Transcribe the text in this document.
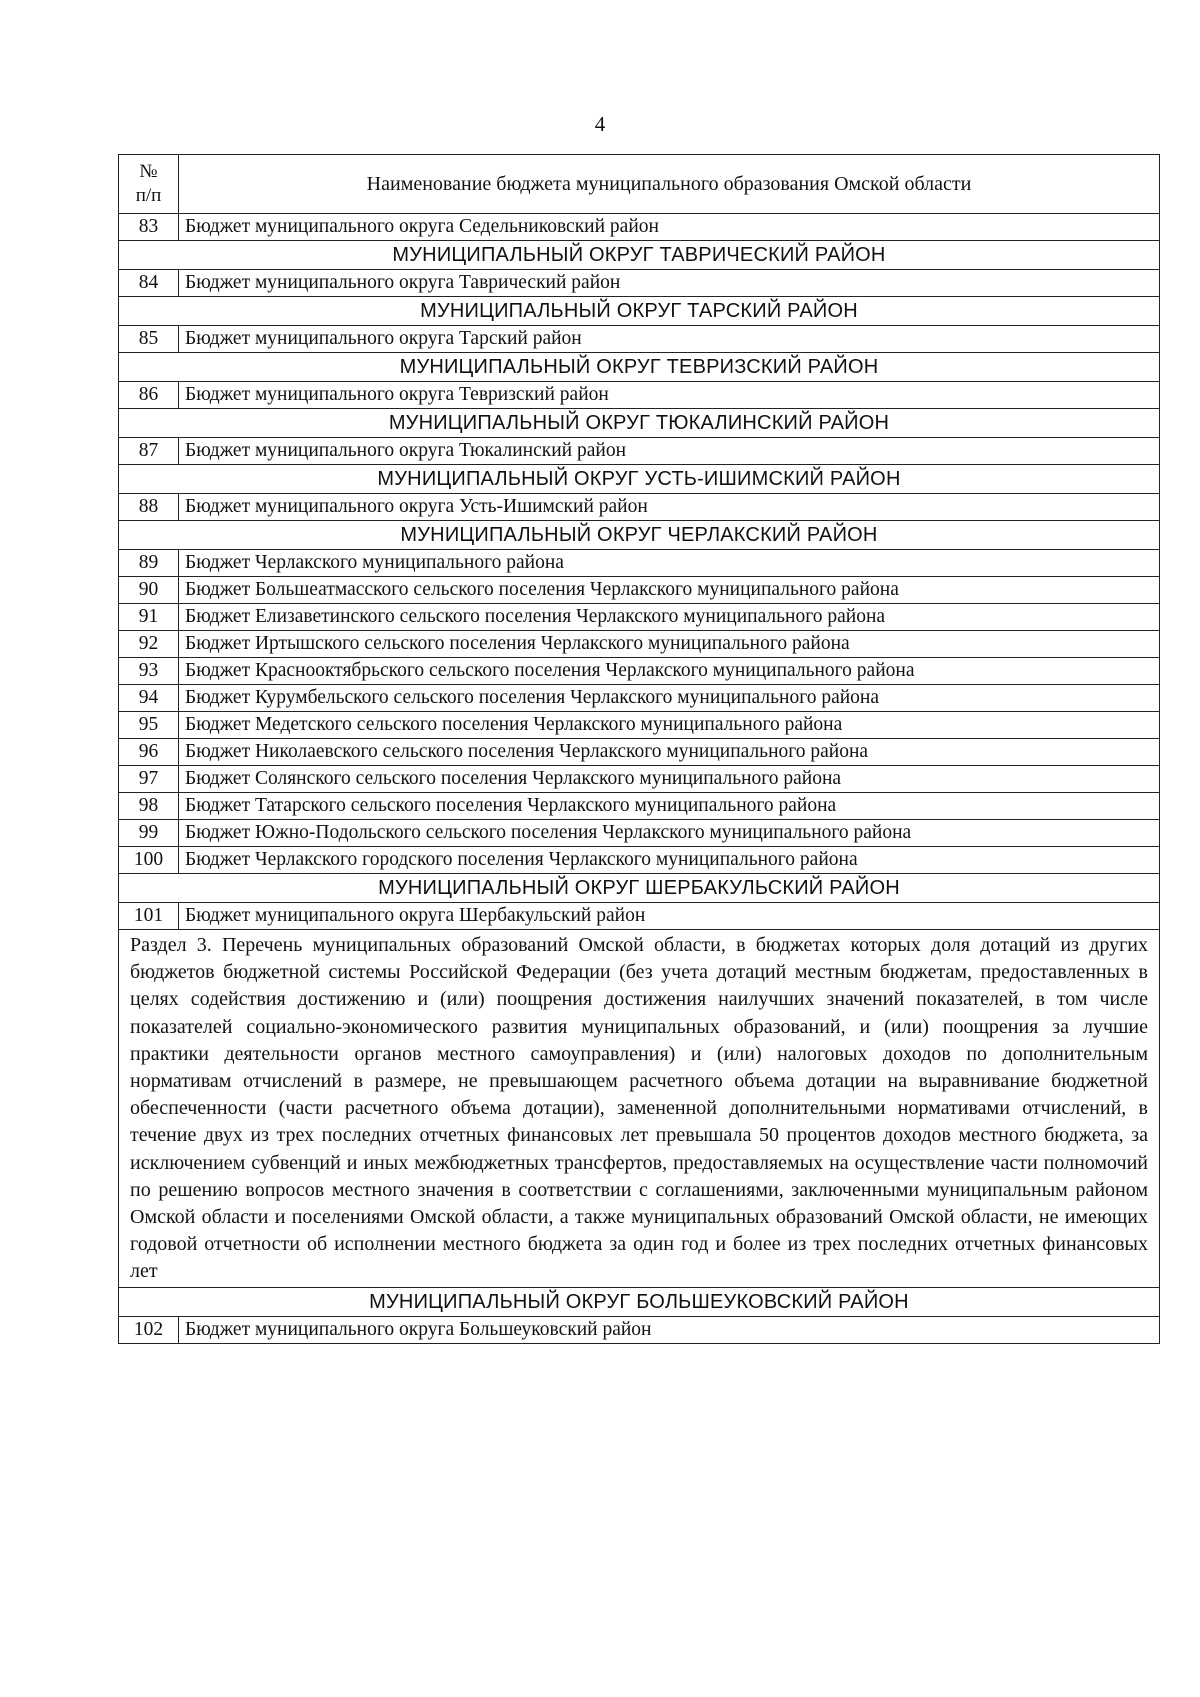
4
№
п/п	Наименование бюджета муниципального образования Омской области
83	Бюджет муниципального округа Седельниковский район
МУНИЦИПАЛЬНЫЙ ОКРУГ ТАВРИЧЕСКИЙ РАЙОН	
84	Бюджет муниципального округа Таврический район
МУНИЦИПАЛЬНЫЙ ОКРУГ ТАРСКИЙ РАЙОН	
85	Бюджет муниципального округа Тарский район
МУНИЦИПАЛЬНЫЙ ОКРУГ ТЕВРИЗСКИЙ РАЙОН	
86	Бюджет муниципального округа Тевризский район
МУНИЦИПАЛЬНЫЙ ОКРУГ ТЮКАЛИНСКИЙ РАЙОН	
87	Бюджет муниципального округа Тюкалинский район
МУНИЦИПАЛЬНЫЙ ОКРУГ УСТЬ-ИШИМСКИЙ РАЙОН	
88	Бюджет муниципального округа Усть-Ишимский район
МУНИЦИПАЛЬНЫЙ ОКРУГ ЧЕРЛАКСКИЙ РАЙОН	
89	Бюджет Черлакского муниципального района
90	Бюджет Большеатмасского сельского поселения Черлакского муниципального района
91	Бюджет Елизаветинского сельского поселения Черлакского муниципального района
92	Бюджет Иртышского сельского поселения Черлакского муниципального района
93	Бюджет Краснооктябрьского сельского поселения Черлакского муниципального района
94	Бюджет Курумбельского сельского поселения Черлакского муниципального района
95	Бюджет Медетского сельского поселения Черлакского муниципального района
96	Бюджет Николаевского сельского поселения Черлакского муниципального района
97	Бюджет Солянского сельского поселения Черлакского муниципального района
98	Бюджет Татарского сельского поселения Черлакского муниципального района
99	Бюджет Южно-Подольского сельского поселения Черлакского муниципального района
100	Бюджет Черлакского городского поселения Черлакского муниципального района
МУНИЦИПАЛЬНЫЙ ОКРУГ ШЕРБАКУЛЬСКИЙ РАЙОН	
101	Бюджет муниципального округа Шербакульский район
Раздел 3. Перечень муниципальных образований Омской области, в бюджетах которых доля дотаций из других бюджетов бюджетной системы Российской Федерации (без учета дотаций местным бюджетам, предоставленных в целях содействия достижению и (или) поощрения достижения наилучших значений показателей, в том числе показателей социально-экономического развития муниципальных образований, и (или) поощрения за лучшие практики деятельности органов местного самоуправления) и (или) налоговых доходов по дополнительным нормативам отчислений в размере, не превышающем расчетного объема дотации на выравнивание бюджетной обеспеченности (части расчетного объема дотации), замененной дополнительными нормативами отчислений, в течение двух из трех последних отчетных финансовых лет превышала 50 процентов доходов местного бюджета, за исключением субвенций и иных межбюджетных трансфертов, предоставляемых на осуществление части полномочий по решению вопросов местного значения в соответствии с соглашениями, заключенными муниципальным районом Омской области и поселениями Омской области, а также муниципальных образований Омской области, не имеющих годовой отчетности об исполнении местного бюджета за один год и более из трех последних отчетных финансовых лет	
МУНИЦИПАЛЬНЫЙ ОКРУГ БОЛЬШЕУКОВСКИЙ РАЙОН	
102	Бюджет муниципального округа Большеуковский район
